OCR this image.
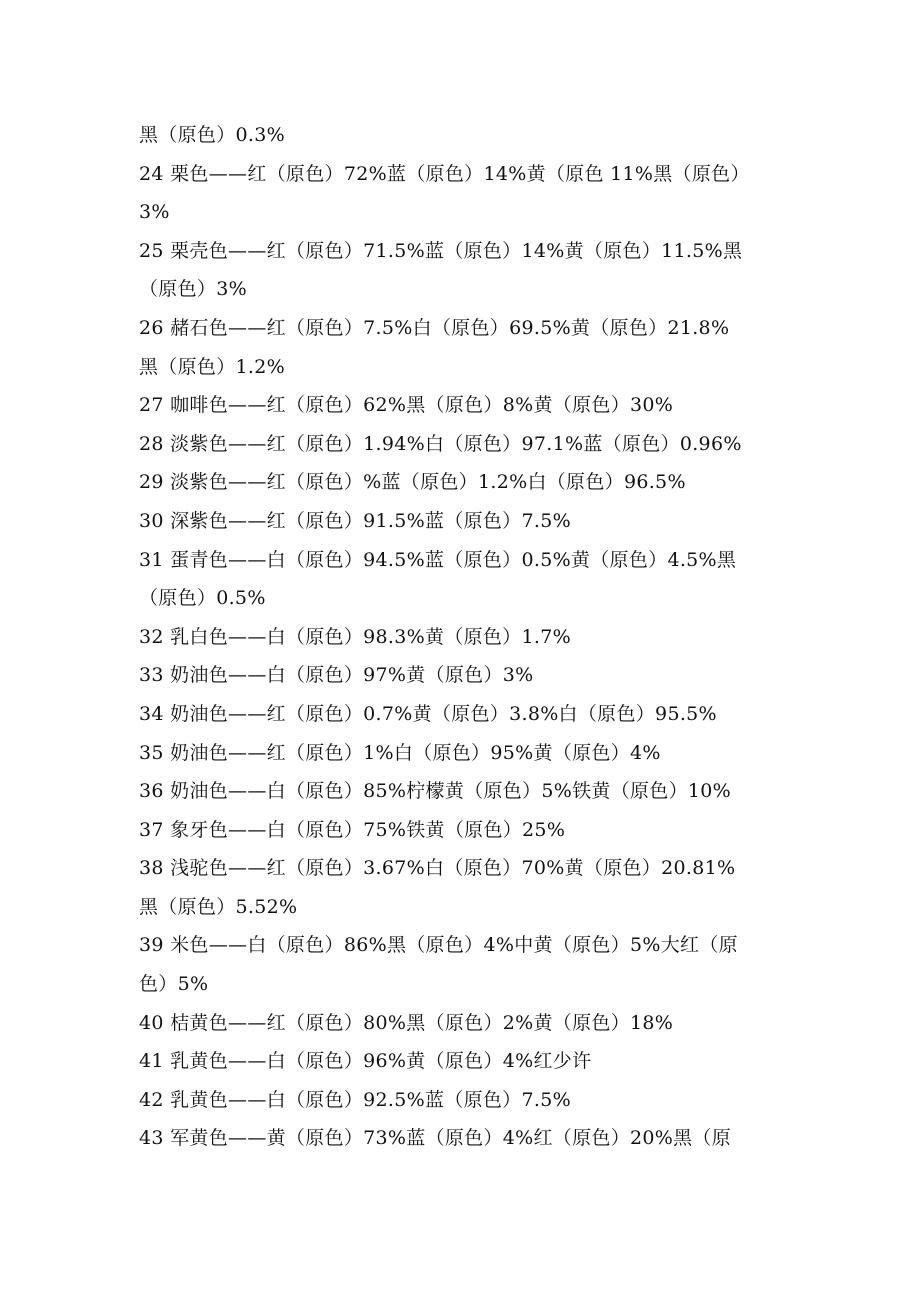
黑（原色）0.3%
24 栗色——红（原色）72%蓝（原色）14%黄（原色 11%黑（原色）
3%
25 栗壳色——红（原色）71.5%蓝（原色）14%黄（原色）11.5%黑
（原色）3%
26 赭石色——红（原色）7.5%白（原色）69.5%黄（原色）21.8%
黑（原色）1.2%
27 咖啡色——红（原色）62%黑（原色）8%黄（原色）30%
28 淡紫色——红（原色）1.94%白（原色）97.1%蓝（原色）0.96%
29 淡紫色——红（原色）%蓝（原色）1.2%白（原色）96.5%
30 深紫色——红（原色）91.5%蓝（原色）7.5%
31 蛋青色——白（原色）94.5%蓝（原色）0.5%黄（原色）4.5%黑
（原色）0.5%
32 乳白色——白（原色）98.3%黄（原色）1.7%
33 奶油色——白（原色）97%黄（原色）3%
34 奶油色——红（原色）0.7%黄（原色）3.8%白（原色）95.5%
35 奶油色——红（原色）1%白（原色）95%黄（原色）4%
36 奶油色——白（原色）85%柠檬黄（原色）5%铁黄（原色）10%
37 象牙色——白（原色）75%铁黄（原色）25%
38 浅驼色——红（原色）3.67%白（原色）70%黄（原色）20.81%
黑（原色）5.52%
39 米色——白（原色）86%黑（原色）4%中黄（原色）5%大红（原
色）5%
40 桔黄色——红（原色）80%黑（原色）2%黄（原色）18%
41 乳黄色——白（原色）96%黄（原色）4%红少许
42 乳黄色——白（原色）92.5%蓝（原色）7.5%
43 军黄色——黄（原色）73%蓝（原色）4%红（原色）20%黑（原
